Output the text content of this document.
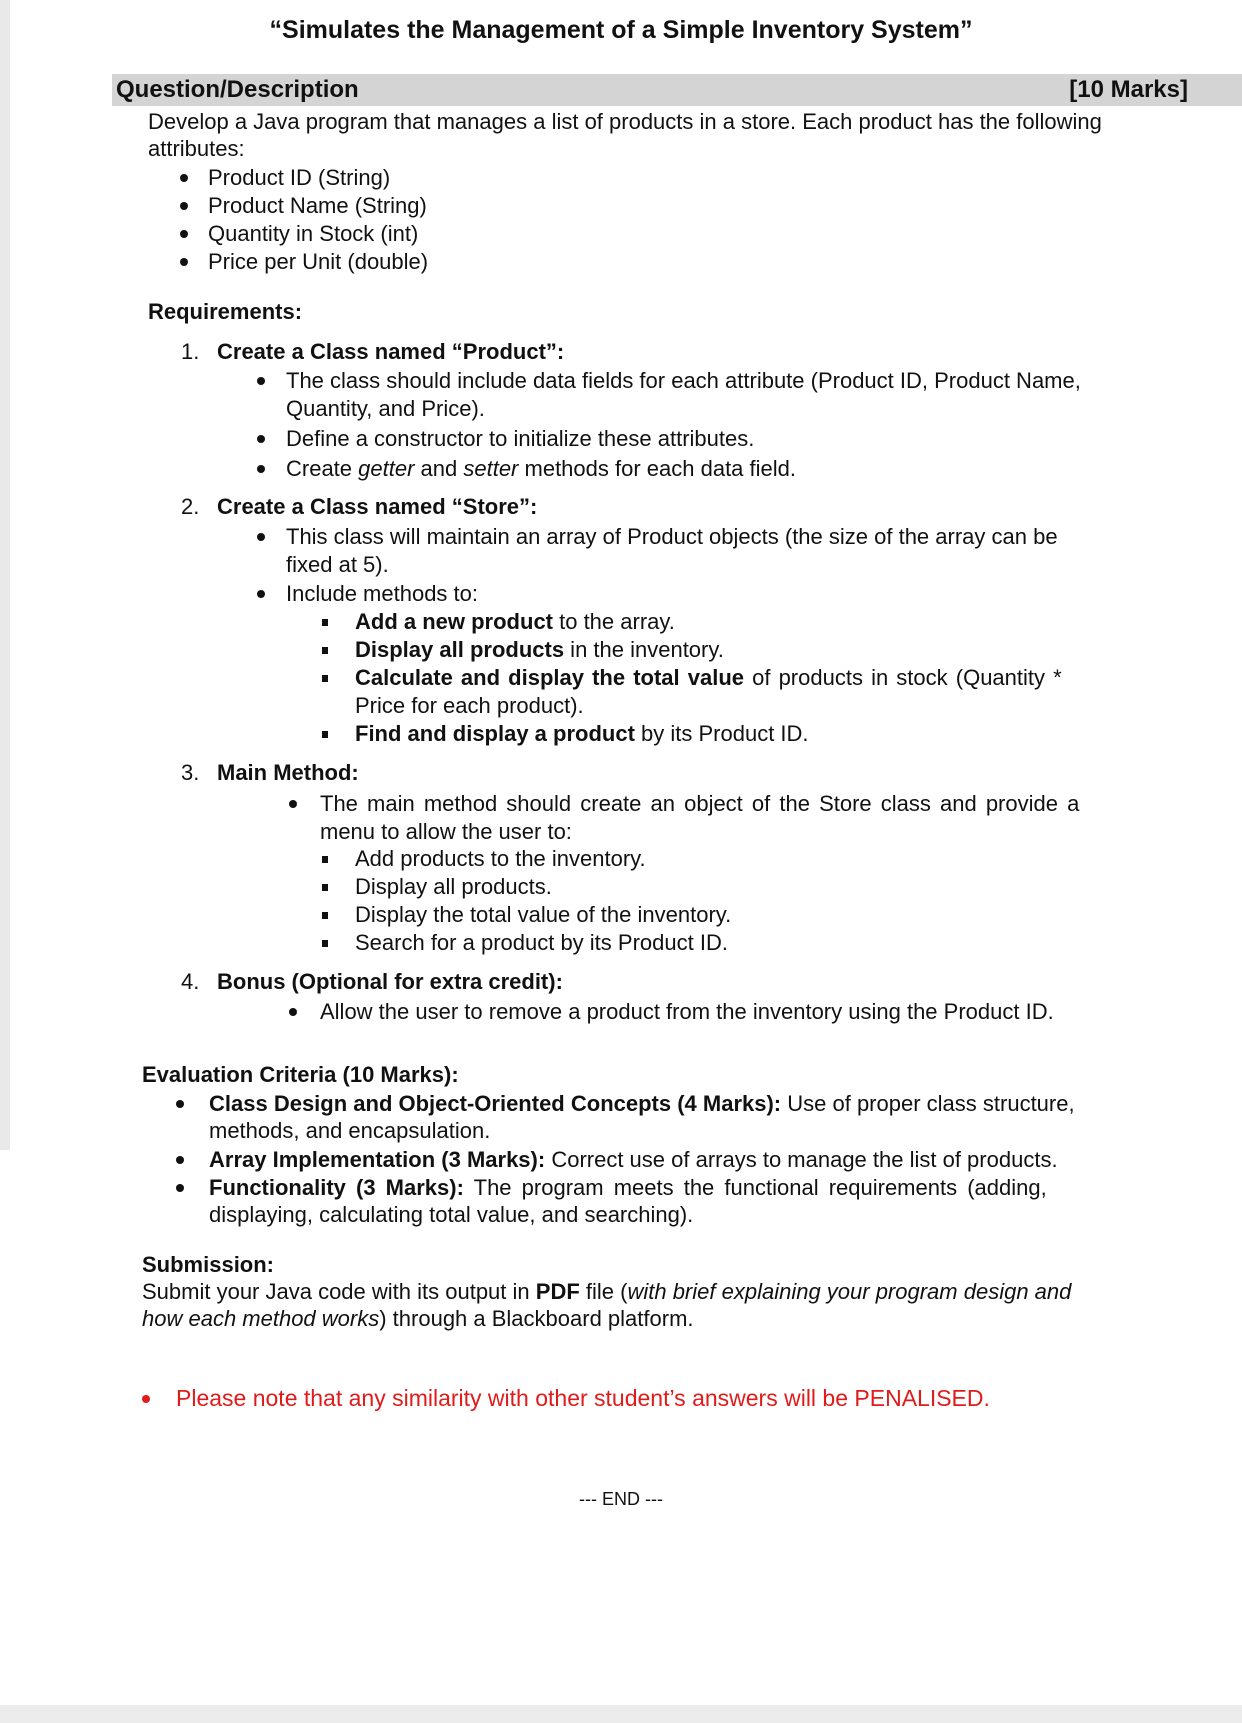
“Simulates the Management of a Simple Inventory System”
Question/Description	[10 Marks]
Develop a Java program that manages a list of products in a store. Each product has the following
attributes:
Product ID (String)
Product Name (String)
Quantity in Stock (int)
Price per Unit (double)
Requirements:
1. Create a Class named “Product”:
The class should include data fields for each attribute (Product ID, Product Name,
Quantity, and Price).
Define a constructor to initialize these attributes.
Create getter and setter methods for each data field.
2. Create a Class named “Store”:
This class will maintain an array of Product objects (the size of the array can be
fixed at 5).
Include methods to:
Add a new product to the array.
Display all products in the inventory.
Calculate and display the total value of products in stock (Quantity *
Price for each product).
Find and display a product by its Product ID.
3. Main Method:
The main method should create an object of the Store class and provide a
menu to allow the user to:
Add products to the inventory.
Display all products.
Display the total value of the inventory.
Search for a product by its Product ID.
4. Bonus (Optional for extra credit):
Allow the user to remove a product from the inventory using the Product ID.
Evaluation Criteria (10 Marks):
Class Design and Object-Oriented Concepts (4 Marks): Use of proper class structure,
methods, and encapsulation.
Array Implementation (3 Marks): Correct use of arrays to manage the list of products.
Functionality (3 Marks): The program meets the functional requirements (adding,
displaying, calculating total value, and searching).
Submission:
Submit your Java code with its output in PDF file (with brief explaining your program design and
how each method works) through a Blackboard platform.
Please note that any similarity with other student’s answers will be PENALISED.
--- END ---
